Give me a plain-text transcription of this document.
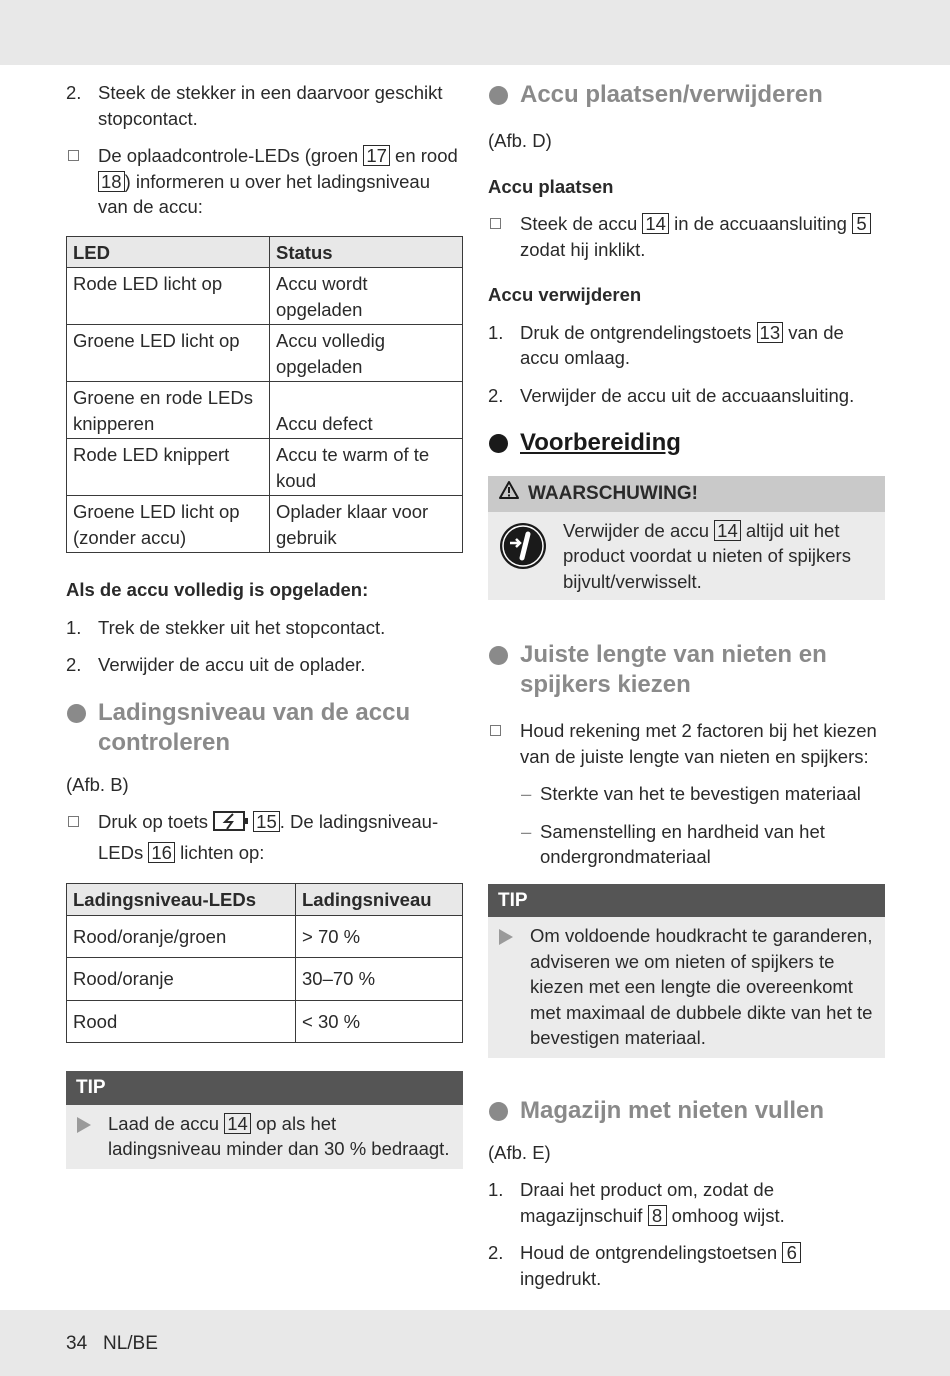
2. Steek de stekker in een daarvoor geschikt stopcontact.
De oplaadcontrole-LEDs (groen 17 en rood 18 ) informeren u over het ladingsniveau van de accu:
LED	Status
Rode LED licht op	Accu wordt opgeladen
Groene LED licht op	Accu volledig opgeladen
Groene en rode LEDs knipperen	Accu defect
Rode LED knippert	Accu te warm of te koud
Groene LED licht op (zonder accu)	Oplader klaar voor gebruik
Als de accu volledig is opgeladen:
1. Trek de stekker uit het stopcontact.
2. Verwijder de accu uit de oplader.
Ladingsniveau van de accu controleren
(Afb. B)
Druk op toets 15 . De ladingsniveau-LEDs 16 lichten op:
Ladingsniveau-LEDs	Ladingsniveau
Rood/oranje/groen	> 70 %
Rood/oranje	30–70 %
Rood	< 30 %
TIP
Laad de accu 14 op als het ladingsniveau minder dan 30 % bedraagt.
Accu plaatsen/verwijderen
(Afb. D)
Accu plaatsen
Steek de accu 14 in de accuaansluiting 5 zodat hij inklikt.
Accu verwijderen
1. Druk de ontgrendelingstoets 13 van de accu omlaag.
2. Verwijder de accu uit de accuaansluiting.
Voorbereiding
WAARSCHUWING!
Verwijder de accu 14 altijd uit het product voordat u nieten of spijkers bijvult/verwisselt.
Juiste lengte van nieten en spijkers kiezen
Houd rekening met 2 factoren bij het kiezen van de juiste lengte van nieten en spijkers:
– Sterkte van het te bevestigen materiaal
– Samenstelling en hardheid van het ondergrondmateriaal
TIP
Om voldoende houdkracht te garanderen, adviseren we om nieten of spijkers te kiezen met een lengte die overeenkomt met maximaal de dubbele dikte van het te bevestigen materiaal.
Magazijn met nieten vullen
(Afb. E)
1. Draai het product om, zodat de magazijnschuif 8 omhoog wijst.
2. Houd de ontgrendelingstoetsen 6 ingedrukt.
34   NL/BE
